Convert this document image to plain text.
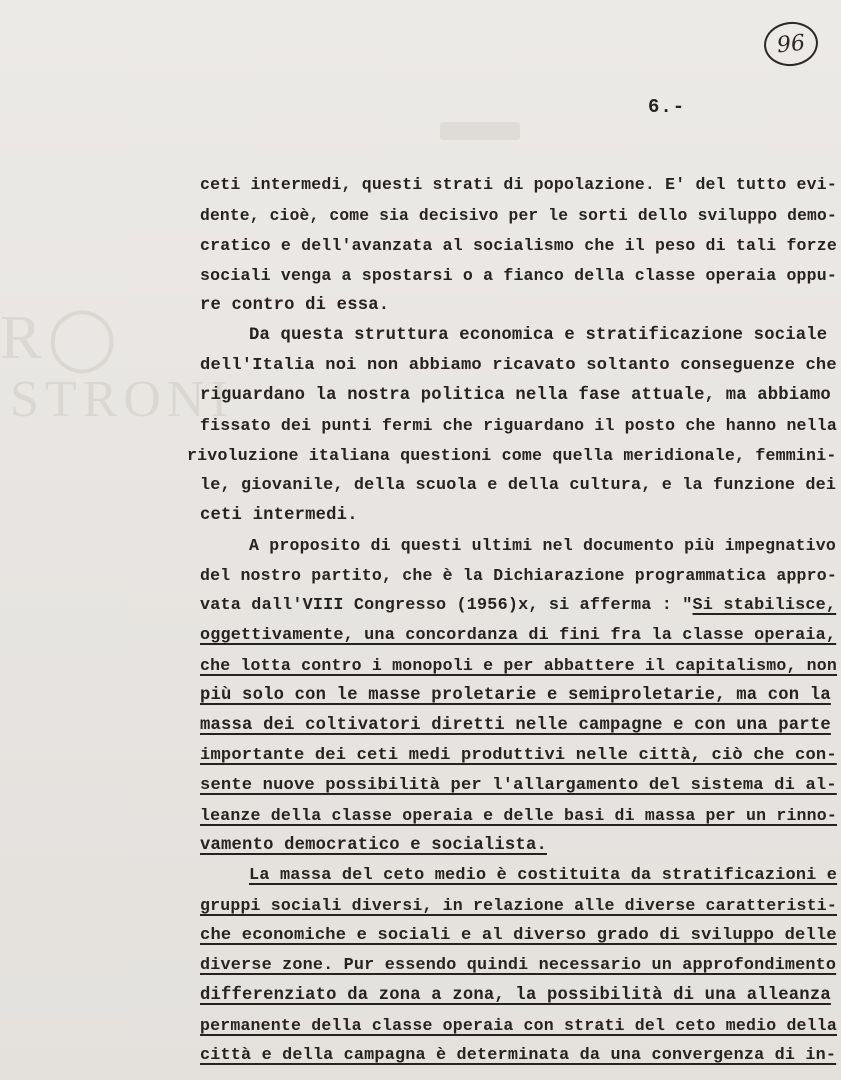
R◯
STRONI
96
6.-
ceti intermedi, questi strati di popolazione. E' del tutto evi-
dente, cioè, come sia decisivo per le sorti dello sviluppo demo-
cratico e dell'avanzata al socialismo che il peso di tali forze
sociali venga a spostarsi o a fianco della classe operaia oppu-
re contro di essa.
Da questa struttura economica e stratificazione sociale
dell'Italia noi non abbiamo ricavato soltanto conseguenze che
riguardano la nostra politica nella fase attuale, ma abbiamo
fissato dei punti fermi che riguardano il posto che hanno nella
rivoluzione italiana questioni come quella meridionale, femmini-
le, giovanile, della scuola e della cultura, e la funzione dei
ceti intermedi.
A proposito di questi ultimi nel documento più impegnativo
del nostro partito, che è la Dichiarazione programmatica appro-
vata dall'VIII Congresso (1956)x, si afferma : "Si stabilisce,
oggettivamente, una concordanza di fini fra la classe operaia,
che lotta contro i monopoli e per abbattere il capitalismo, non
più solo con le masse proletarie e semiproletarie, ma con la
massa dei coltivatori diretti nelle campagne e con una parte
importante dei ceti medi produttivi nelle città, ciò che con-
sente nuove possibilità per l'allargamento del sistema di al-
leanze della classe operaia e delle basi di massa per un rinno-
vamento democratico e socialista.
La massa del ceto medio è costituita da stratificazioni e
gruppi sociali diversi, in relazione alle diverse caratteristi-
che economiche e sociali e al diverso grado di sviluppo delle
diverse zone. Pur essendo quindi necessario un approfondimento
differenziato da zona a zona, la possibilità di una alleanza
permanente della classe operaia con strati del ceto medio della
città e della campagna è determinata da una convergenza di in-
